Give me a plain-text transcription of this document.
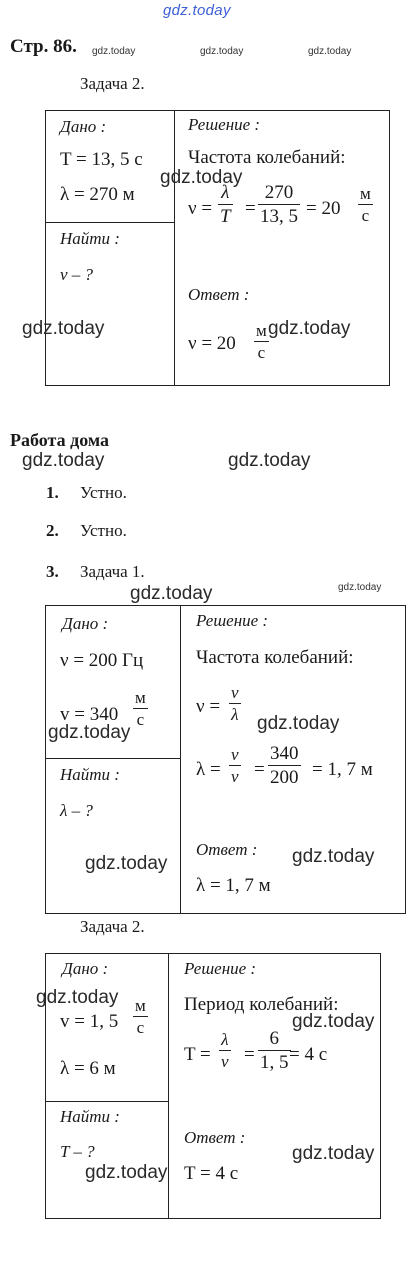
gdz.today
Стр. 86. gdz.today	gdz.today	gdz.today
Задача 2.
Дано :
T = 13, 5 с
λ = 270 м
Найти :
ν – ?
Решение :
Частота колебаний:
ν =
λ
T =
270
13, 5 = 20
м
с
Ответ :
ν = 20
м
с
gdz.today
gdz.today	gdz.today
Работа дома
gdz.today	gdz.today
1. Устно.
2. Устно.
3. Задача 1.
gdz.today	gdz.today
Дано :
ν = 200 Гц
v = 340
м
с
Найти :
λ – ?
Решение :
Частота колебаний:
ν =
v
λ
λ =
v
ν =
340
200 = 1, 7 м
Ответ :
λ = 1, 7 м
gdz.today
gdz.today
gdz.today	gdz.today
Задача 2.
Дано :
v = 1, 5
м
с
λ = 6 м
Найти :
T – ?
Решение :
Период колебаний:
T =
λ
v =
6
1, 5 = 4 с
Ответ :
T = 4 с
gdz.today
gdz.today
gdz.today
gdz.today
